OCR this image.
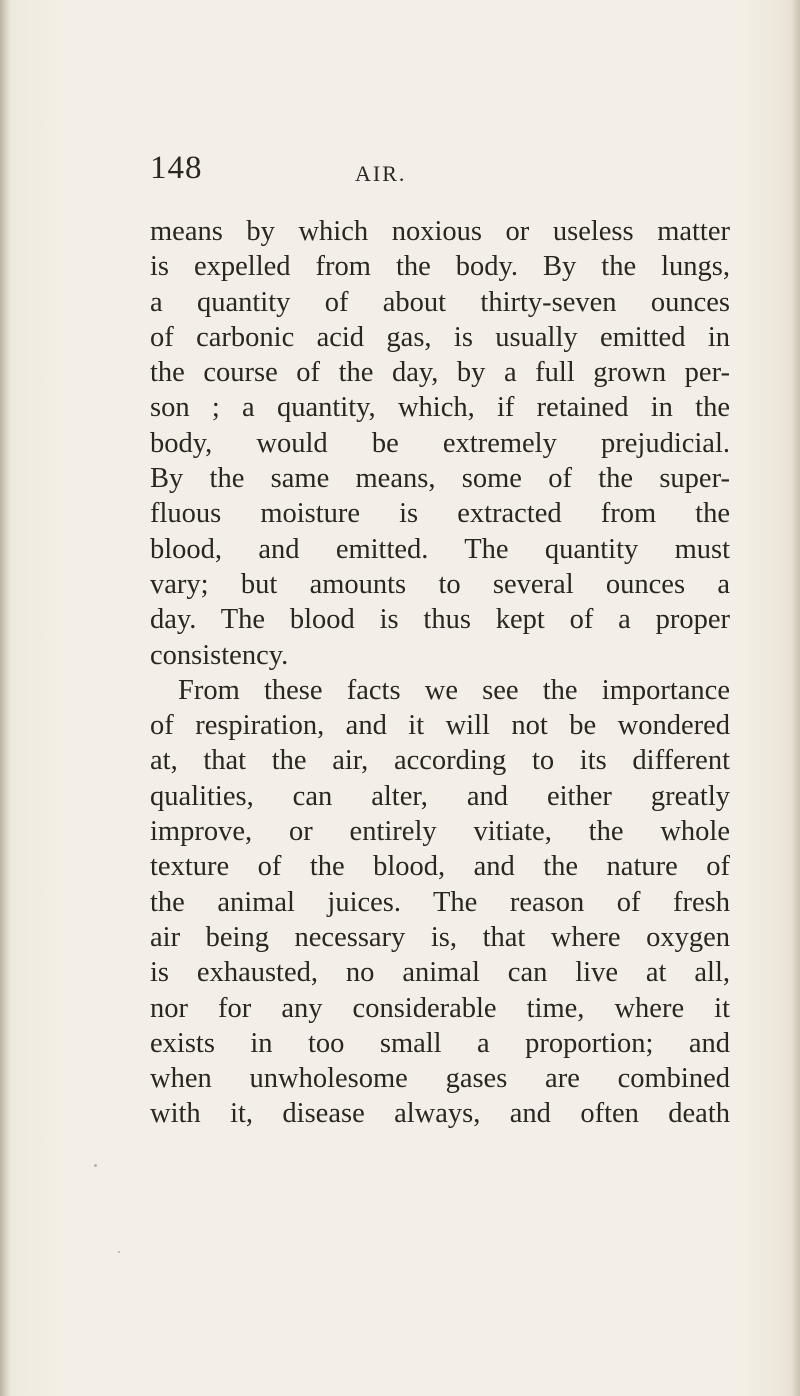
148	AIR.
means by which noxious or useless matter
is expelled from the body. By the lungs,
a quantity of about thirty-seven ounces
of carbonic acid gas, is usually emitted in
the course of the day, by a full grown per-
son ; a quantity, which, if retained in the
body, would be extremely prejudicial.
By the same means, some of the super-
fluous moisture is extracted from the
blood, and emitted. The quantity must
vary; but amounts to several ounces a
day. The blood is thus kept of a proper
consistency.
From these facts we see the importance
of respiration, and it will not be wondered
at, that the air, according to its different
qualities, can alter, and either greatly
improve, or entirely vitiate, the whole
texture of the blood, and the nature of
the animal juices. The reason of fresh
air being necessary is, that where oxygen
is exhausted, no animal can live at all,
nor for any considerable time, where it
exists in too small a proportion; and
when unwholesome gases are combined
with it, disease always, and often death
